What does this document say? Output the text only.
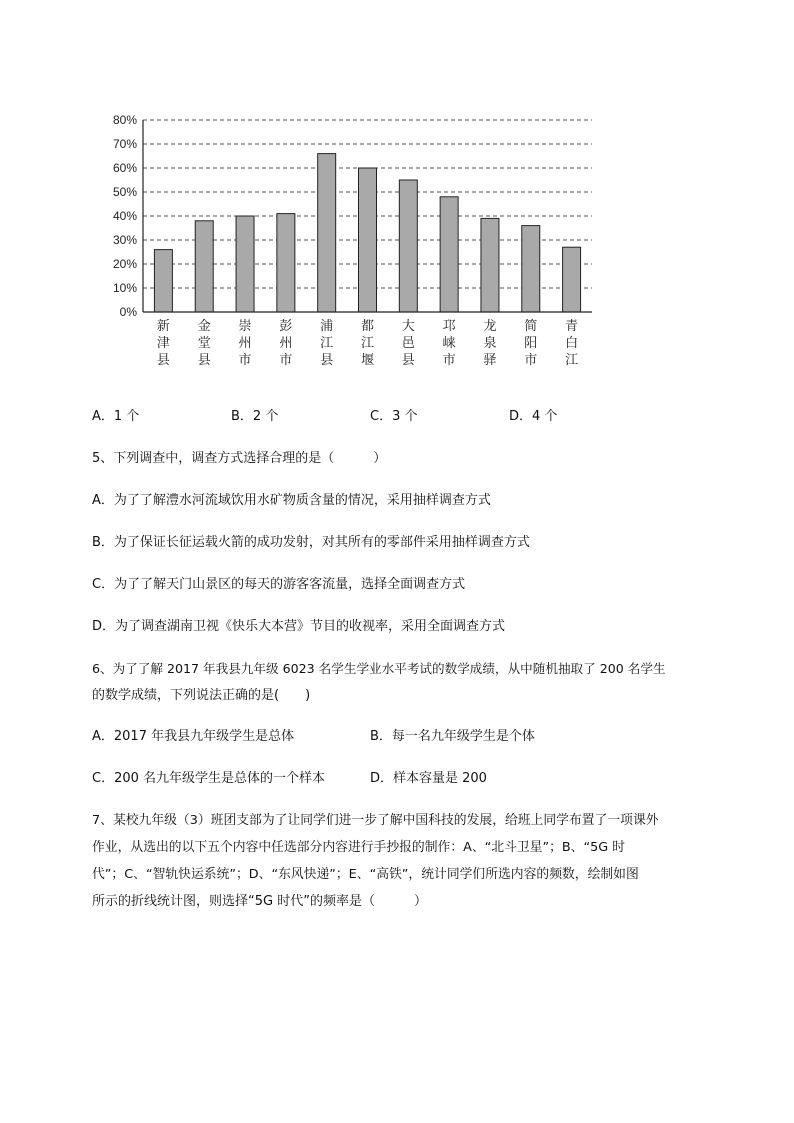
0%
10%
20%
30%
40%
50%
60%
70%
80%
新津县
金堂县
崇州市
彭州市
浦江县
都江堰
大邑县
邛崃市
龙泉驿
简阳市
青白江
A．1 个	B．2 个	C．3 个	D．4 个
5、下列调查中，调查方式选择合理的是（　　　）
A．为了了解澧水河流域饮用水矿物质含量的情况，采用抽样调查方式
B．为了保证长征运载火箭的成功发射，对其所有的零部件采用抽样调查方式
C．为了了解天门山景区的每天的游客客流量，选择全面调查方式
D．为了调查湖南卫视《快乐大本营》节目的收视率，采用全面调查方式
6、为了了解 2017 年我县九年级 6023 名学生学业水平考试的数学成绩，从中随机抽取了 200 名学生
的数学成绩，下列说法正确的是(　　)
A．2017 年我县九年级学生是总体	B．每一名九年级学生是个体
C．200 名九年级学生是总体的一个样本	D．样本容量是 200
7、某校九年级（3）班团支部为了让同学们进一步了解中国科技的发展，给班上同学布置了一项课外
作业，从选出的以下五个内容中任选部分内容进行手抄报的制作：A、“北斗卫星”；B、“5G 时
代”；C、“智轨快运系统”；D、“东风快递”；E、“高铁”，统计同学们所选内容的频数，绘制如图
所示的折线统计图，则选择“5G 时代”的频率是（　　　）
